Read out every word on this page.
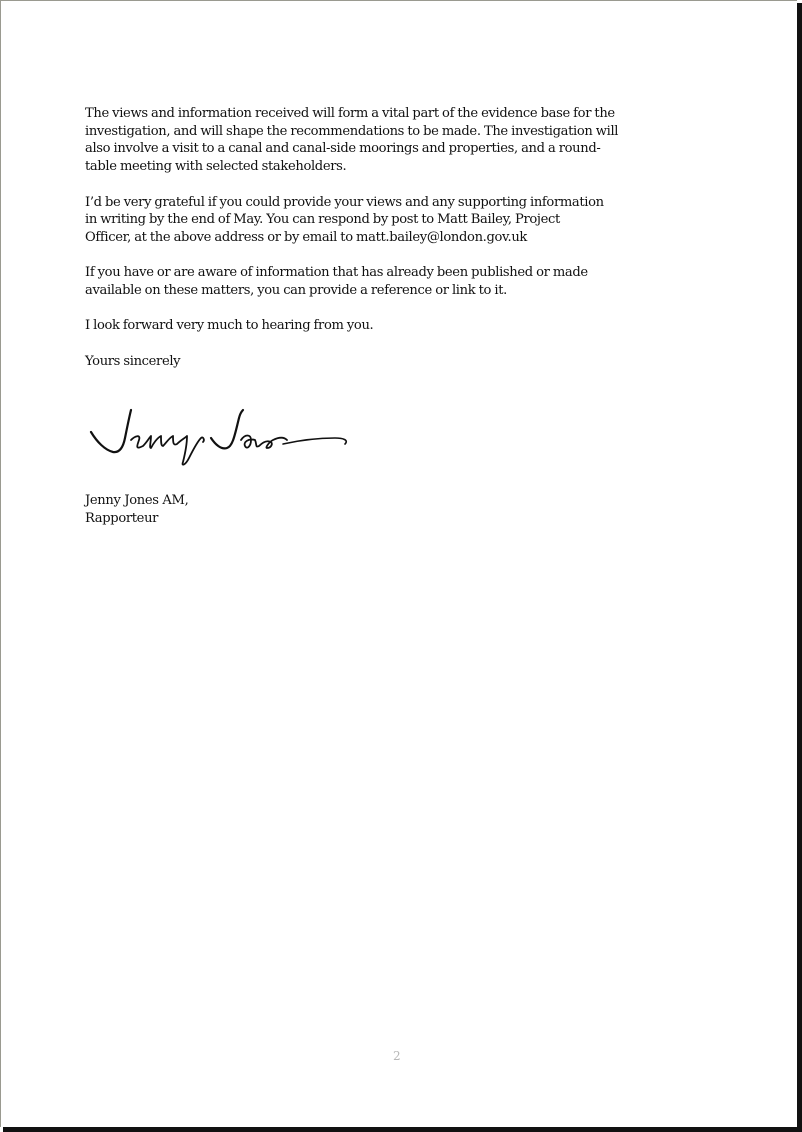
The views and information received will form a vital part of the evidence base for the
investigation, and will shape the recommendations to be made. The investigation will
also involve a visit to a canal and canal-side moorings and properties, and a round-
table meeting with selected stakeholders.

I’d be very grateful if you could provide your views and any supporting information
in writing by the end of May. You can respond by post to Matt Bailey, Project
Officer, at the above address or by email to matt.bailey@london.gov.uk

If you have or are aware of information that has already been published or made
available on these matters, you can provide a reference or link to it.

I look forward very much to hearing from you.

Yours sincerely

Jenny Jones AM,
Rapporteur
2
